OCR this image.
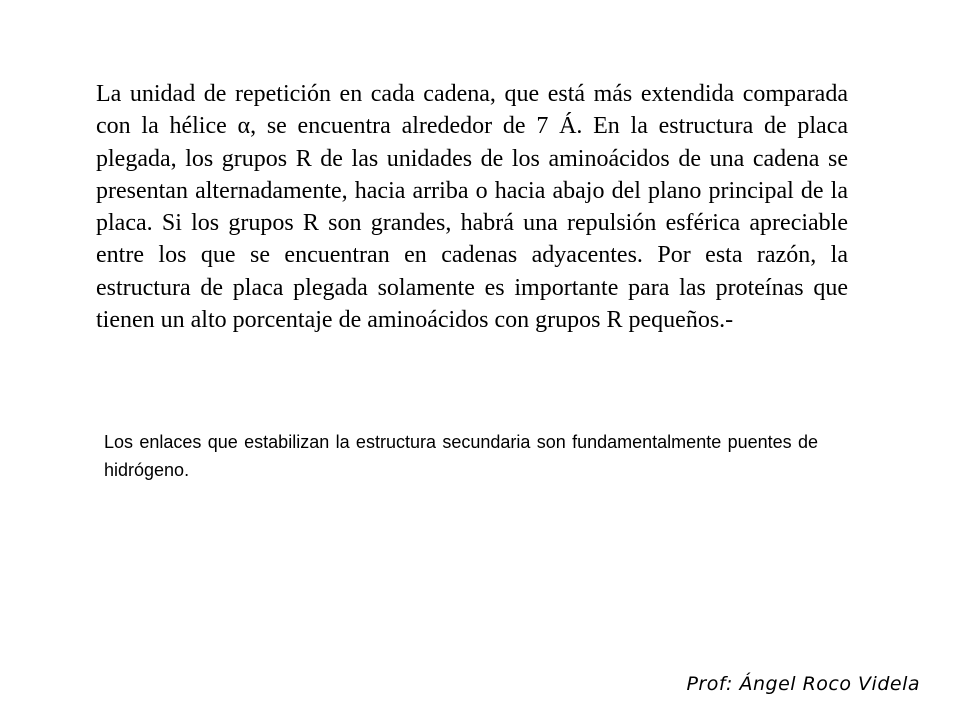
La unidad de repetición en cada cadena, que está más extendida comparada con la hélice α, se encuentra alrededor de 7 Á. En la estructura de placa plegada, los grupos R de las unidades de los aminoácidos de una cadena se presentan alternadamente, hacia arriba o hacia abajo del plano principal de la placa. Si los grupos R son grandes, habrá una repulsión esférica apreciable entre los que se encuentran en cadenas adyacentes. Por esta razón, la estructura de placa plegada solamente es importante para las proteínas que tienen un alto porcentaje de aminoácidos con grupos R pequeños.-

Los enlaces que estabilizan la estructura secundaria son fundamentalmente puentes de hidrógeno.

Prof: Ángel Roco Videla
